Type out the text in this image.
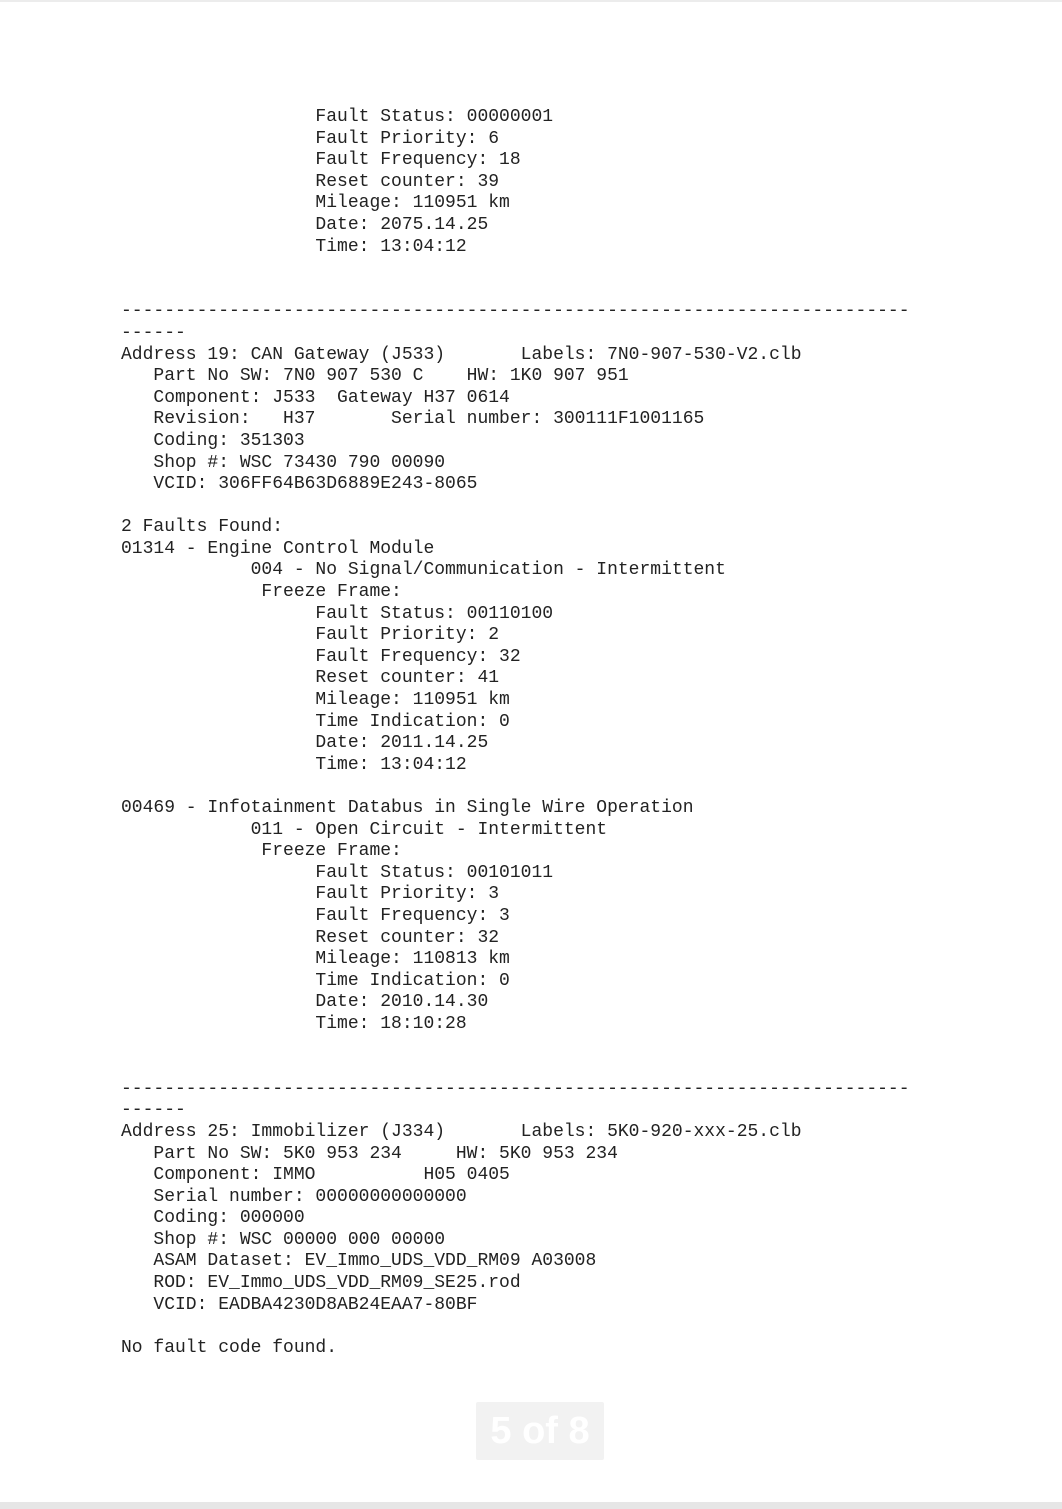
Fault Status: 00000001
Fault Priority: 6
Fault Frequency: 18
Reset counter: 39
Mileage: 110951 km
Date: 2075.14.25
Time: 13:04:12
-------------------------------------------------------------------------
------
Address 19: CAN Gateway (J533)       Labels: 7N0-907-530-V2.clb
Part No SW: 7N0 907 530 C    HW: 1K0 907 951
Component: J533  Gateway H37 0614
Revision:   H37       Serial number: 300111F1001165
Coding: 351303
Shop #: WSC 73430 790 00090
VCID: 306FF64B63D6889E243-8065
2 Faults Found:
01314 - Engine Control Module
004 - No Signal/Communication - Intermittent
Freeze Frame:
Fault Status: 00110100
Fault Priority: 2
Fault Frequency: 32
Reset counter: 41
Mileage: 110951 km
Time Indication: 0
Date: 2011.14.25
Time: 13:04:12
00469 - Infotainment Databus in Single Wire Operation
011 - Open Circuit - Intermittent
Freeze Frame:
Fault Status: 00101011
Fault Priority: 3
Fault Frequency: 3
Reset counter: 32
Mileage: 110813 km
Time Indication: 0
Date: 2010.14.30
Time: 18:10:28
-------------------------------------------------------------------------
------
Address 25: Immobilizer (J334)       Labels: 5K0-920-xxx-25.clb
Part No SW: 5K0 953 234     HW: 5K0 953 234
Component: IMMO          H05 0405
Serial number: 00000000000000
Coding: 000000
Shop #: WSC 00000 000 00000
ASAM Dataset: EV_Immo_UDS_VDD_RM09 A03008
ROD: EV_Immo_UDS_VDD_RM09_SE25.rod
VCID: EADBA4230D8AB24EAA7-80BF
No fault code found.
5 of 8
